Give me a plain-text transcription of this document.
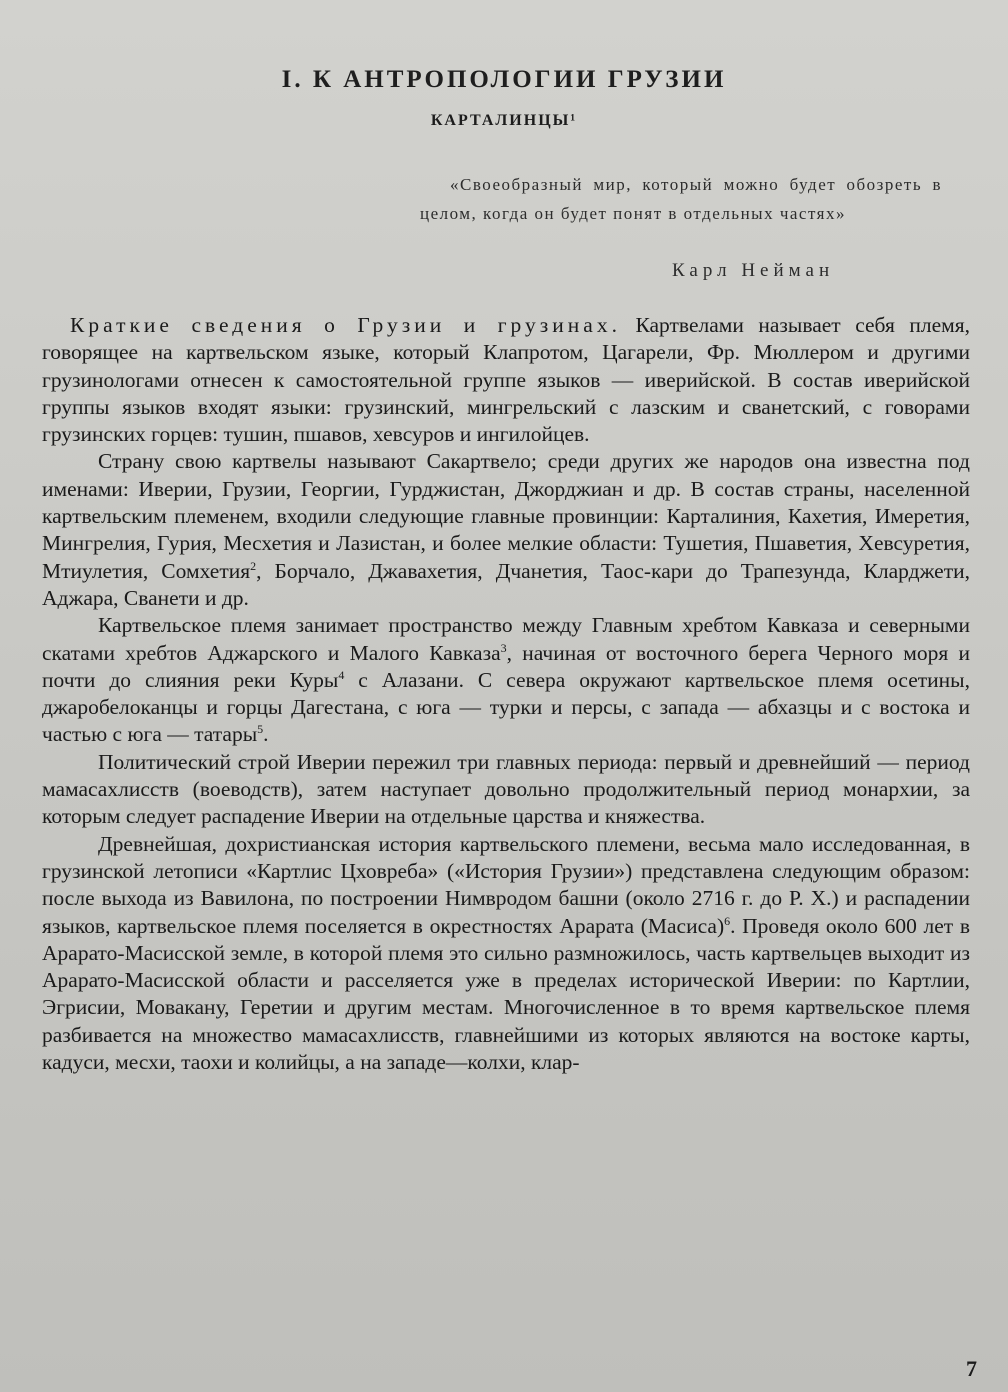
I. К АНТРОПОЛОГИИ ГРУЗИИ
КАРТАЛИНЦЫ¹

«Своеобразный мир, который можно будет обозреть в целом, когда он будет понят в отдельных частях»

Карл Нейман

Краткие сведения о Грузии и грузинах. Картвелами называет себя племя, говорящее на картвельском языке, который Клапротом, Цагарели, Фр. Мюллером и другими грузинологами отнесен к самостоятельной группе языков — иверийской. В состав иверийской группы языков входят языки: грузинский, мингрельский с лазским и сванетский, с говорами грузинских горцев: тушин, пшавов, хевсуров и ингилойцев.

Страну свою картвелы называют Сакартвело; среди других же народов она известна под именами: Иверии, Грузии, Георгии, Гурджистан, Джорджиан и др. В состав страны, населенной картвельским племенем, входили следующие главные провинции: Карталиния, Кахетия, Имеретия, Мингрелия, Гурия, Месхетия и Лазистан, и более мелкие области: Тушетия, Пшаветия, Хевсуретия, Мтиулетия, Сомхетия$^2$, Борчало, Джавахетия, Дчанетия, Таос-кари до Трапезунда, Кларджети, Аджара, Сванети и др.

Картвельское племя занимает пространство между Главным хребтом Кавказа и северными скатами хребтов Аджарского и Малого Кавказа$^3$, начиная от восточного берега Черного моря и почти до слияния реки Куры$^4$ с Алазани. С севера окружают картвельское племя осетины, джаробелоканцы и горцы Дагестана, с юга — турки и персы, с запада — абхазцы и с востока и частью с юга — татары$^5$.

Политический строй Иверии пережил три главных периода: первый и древнейший — период мамасахлисств (воеводств), затем наступает довольно продолжительный период монархии, за которым следует распадение Иверии на отдельные царства и княжества.

Древнейшая, дохристианская история картвельского племени, весьма мало исследованная, в грузинской летописи «Картлис Цховреба» («История Грузии») представлена следующим образом: после выхода из Вавилона, по построении Нимвродом башни (около 2716 г. до Р. Х.) и распадении языков, картвельское племя поселяется в окрестностях Арарата (Масиса)$^6$. Проведя около 600 лет в Арарато-Масисской земле, в которой племя это сильно размножилось, часть картвельцев выходит из Арарато-Масисской области и расселяется уже в пределах исторической Иверии: по Картлии, Эгрисии, Мовакану, Геретии и другим местам. Многочисленное в то время картвельское племя разбивается на множество мамасахлисств, главнейшими из которых являются на востоке карты, кадуси, месхи, таохи и колийцы, а на западе—колхи, клар-

7
